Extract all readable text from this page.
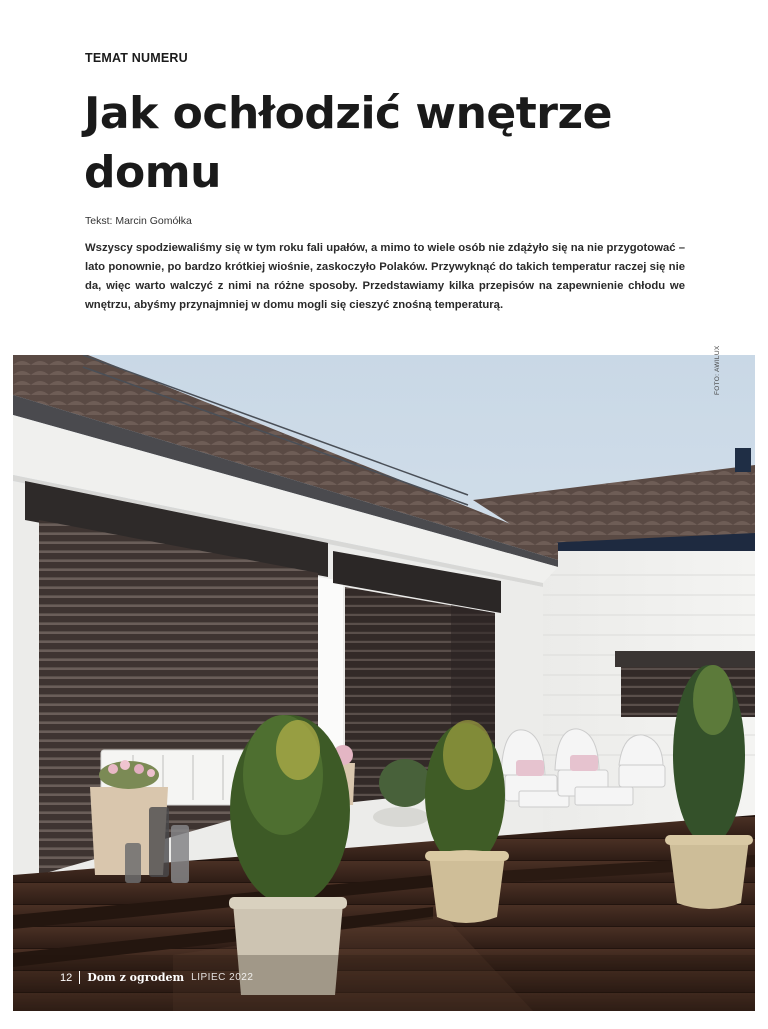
TEMAT NUMERU
Jak ochłodzić wnętrze domu
Tekst: Marcin Gomółka

Wszyscy spodziewaliśmy się w tym roku fali upałów, a mimo to wiele osób nie zdążyło się na nie przygotować – lato ponownie, po bardzo krótkiej wiośnie, zaskoczyło Polaków. Przywyknąć do takich temperatur raczej się nie da, więc warto walczyć z nimi na różne sposoby. Przedstawiamy kilka przepisów na zapewnienie chłodu we wnętrzu, abyśmy przynajmniej w domu mogli się cieszyć znośną temperaturą.

FOTO: AWILUX
12 Dom z ogrodem LIPIEC 2022
